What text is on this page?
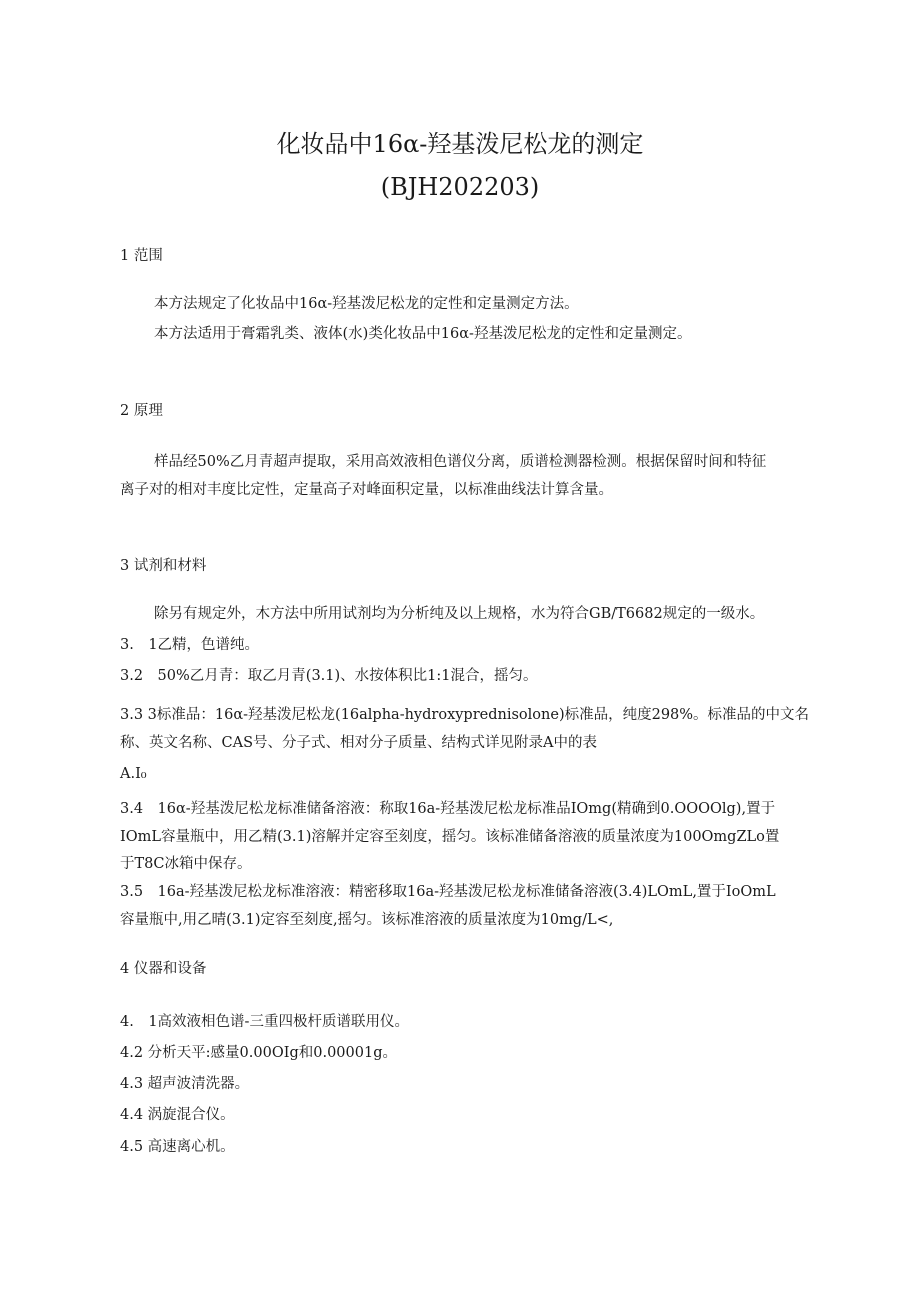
化妆品中16α-羟基泼尼松龙的测定
(BJH202203)
1 范围
本方法规定了化妆品中16α-羟基泼尼松龙的定性和定量测定方法。
本方法适用于膏霜乳类、液体(水)类化妆品中16α-羟基泼尼松龙的定性和定量测定。
2 原理
样品经50%乙月青超声提取，采用高效液相色谱仪分离，质谱检测器检测。根据保留时间和特征
离子对的相对丰度比定性，定量高子对峰面积定量，以标准曲线法计算含量。
3 试剂和材料
除另有规定外，木方法中所用试剂均为分析纯及以上规格，水为符合GB/T6682规定的一级水。
3.　1乙精，色谱纯。
3.2　50%乙月青：取乙月青(3.1)、水按体积比1:1混合，摇匀。
3.3 3标准品：16α-羟基泼尼松龙(16alpha-hydroxyprednisolone)标准品，纯度298%。标准品的中文名
称、英文名称、CAS号、分子式、相对分子质量、结构式详见附录A中的表
A.I₀
3.4　16α-羟基泼尼松龙标准储备溶液：称取16a-羟基泼尼松龙标准品IOmg(精确到0.OOOOlg),置于
IOmL容量瓶中，用乙精(3.1)溶解并定容至刻度，摇匀。该标准储备溶液的质量浓度为100OmgZLo置
于T8C冰箱中保存。
3.5　16a-羟基泼尼松龙标准溶液：精密移取16a-羟基泼尼松龙标准储备溶液(3.4)LOmL,置于IoOmL
容量瓶中,用乙晴(3.1)定容至刻度,摇匀。该标准溶液的质量浓度为10mg/L<,
4 仪器和设备
4.　1高效液相色谱-三重四极杆质谱联用仪。
4.2 分析天平:感量0.00OIg和0.00001g。
4.3 超声波清洗器。
4.4 涡旋混合仪。
4.5 高速离心机。
